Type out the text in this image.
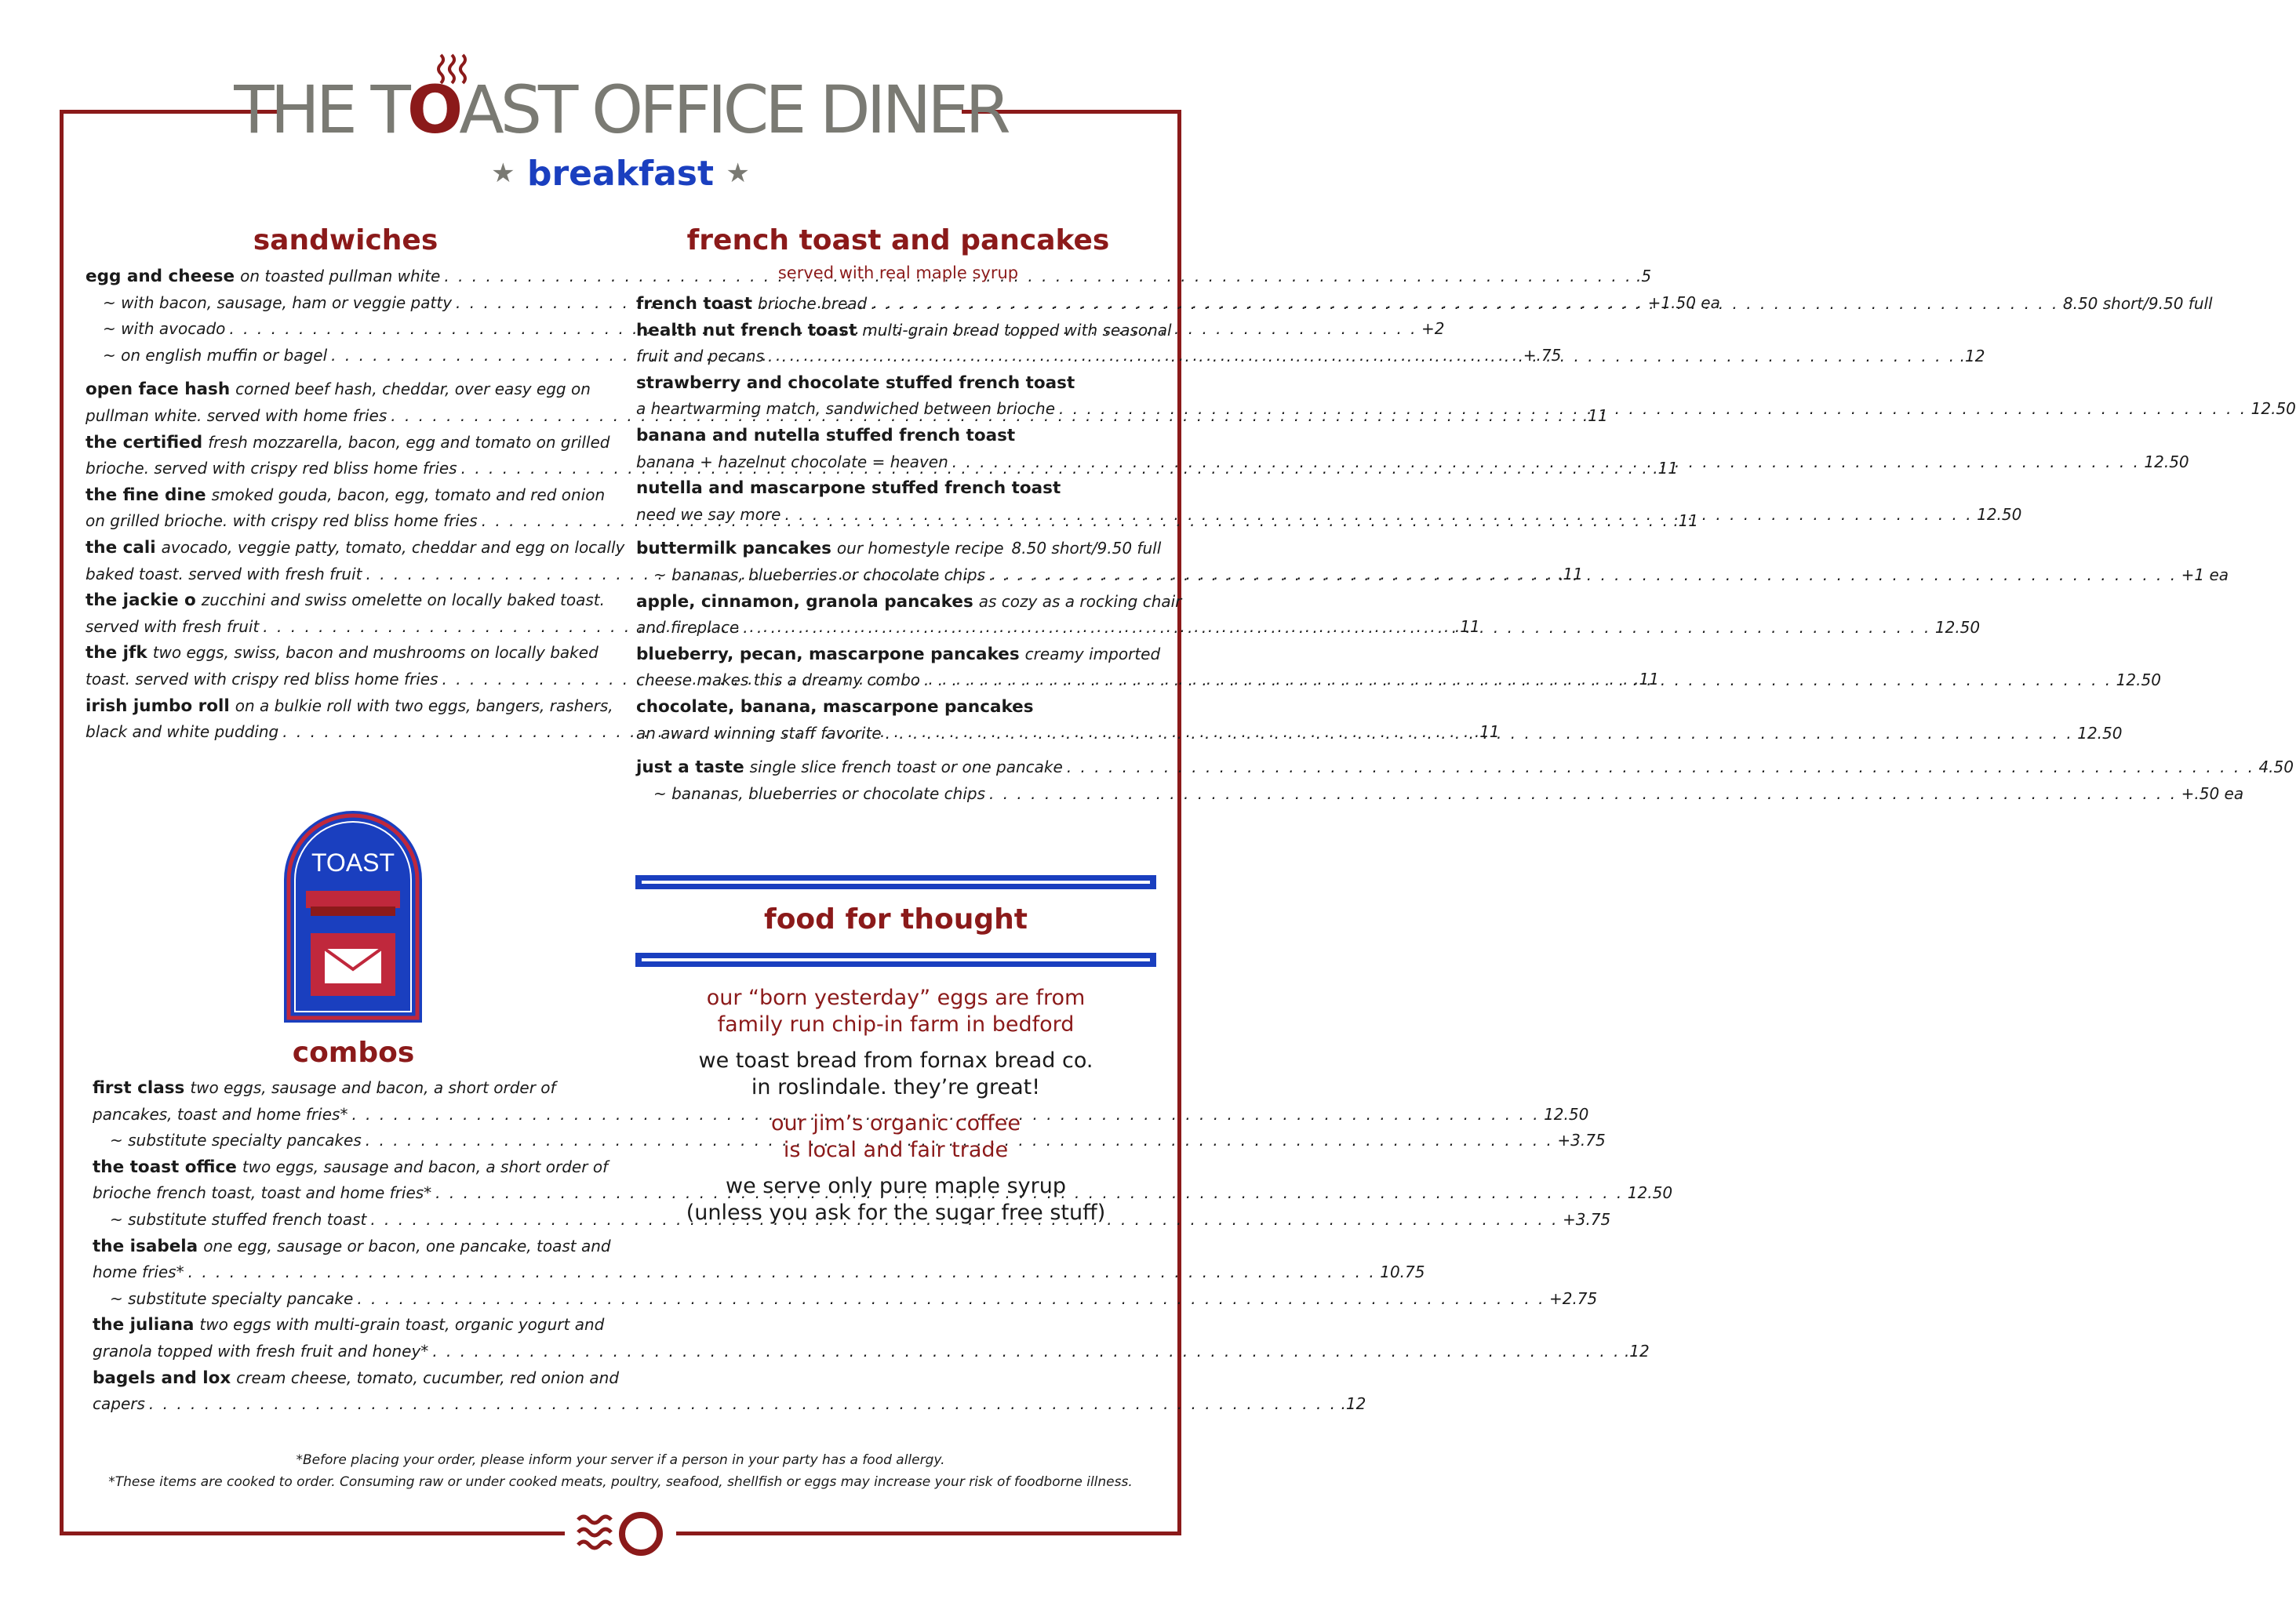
THE TOAST OFFICE DINER
★ breakfast ★
sandwiches
egg and cheese on toasted pullman white . . .	.5
~ with bacon, sausage, ham or veggie patty . . .	+1.50 ea
~ with avocado . . .	+2
~ on english muffin or bagel . . .	+.75
open face hash corned beef hash, cheddar, over easy egg on
pullman white. served with home fries . . .	.11
the certified fresh mozzarella, bacon, egg and tomato on grilled
brioche. served with crispy red bliss home fries . . .	.11
the fine dine smoked gouda, bacon, egg, tomato and red onion
on grilled brioche. with crispy red bliss home fries . . .	.11
the cali avocado, veggie patty, tomato, cheddar and egg on locally
baked toast. served with fresh fruit . . .	.11
the jackie o zucchini and swiss omelette on locally baked toast.
served with fresh fruit . . .	.11
the jfk two eggs, swiss, bacon and mushrooms on locally baked
toast. served with crispy red bliss home fries . . .	.11
irish jumbo roll on a bulkie roll with two eggs, bangers, rashers,
black and white pudding . . .	.11
french toast and pancakes
served with real maple syrup
french toast brioche bread . . .	8.50 short/9.50 full
health nut french toast multi-grain bread topped with seasonal
fruit and pecans . . .	.12
strawberry and chocolate stuffed french toast
a heartwarming match, sandwiched between brioche . . .	12.50
banana and nutella stuffed french toast
banana + hazelnut chocolate = heaven . . .	12.50
nutella and mascarpone stuffed french toast
need we say more . . .	12.50
buttermilk pancakes our homestyle recipe 8.50 short/9.50 full
~ bananas, blueberries or chocolate chips . . .	+1 ea
apple, cinnamon, granola pancakes as cozy as a rocking chair
and fireplace . . .	12.50
blueberry, pecan, mascarpone pancakes creamy imported
cheese makes this a dreamy combo . . .	12.50
chocolate, banana, mascarpone pancakes
an award winning staff favorite . . .	12.50
just a taste single slice french toast or one pancake . . .	4.50
~ bananas, blueberries or chocolate chips . . .	+.50 ea
TOAST
combos
first class two eggs, sausage and bacon, a short order of
pancakes, toast and home fries* . . .	12.50
~ substitute specialty pancakes . . .	+3.75
the toast office two eggs, sausage and bacon, a short order of
brioche french toast, toast and home fries* . . .	12.50
~ substitute stuffed french toast . . .	+3.75
the isabela one egg, sausage or bacon, one pancake, toast and
home fries* . . .	10.75
~ substitute specialty pancake . . .	+2.75
the juliana two eggs with multi-grain toast, organic yogurt and
granola topped with fresh fruit and honey* . . .	.12
bagels and lox cream cheese, tomato, cucumber, red onion and
capers . . .	.12
food for thought

our “born yesterday” eggs are from
family run chip-in farm in bedford

we toast bread from fornax bread co.
in roslindale. they’re great!

our jim’s organic coffee
is local and fair trade

we serve only pure maple syrup
(unless you ask for the sugar free stuff)

*Before placing your order, please inform your server if a person in your party has a food allergy.
*These items are cooked to order. Consuming raw or under cooked meats, poultry, seafood, shellfish or eggs may increase your risk of foodborne illness.
